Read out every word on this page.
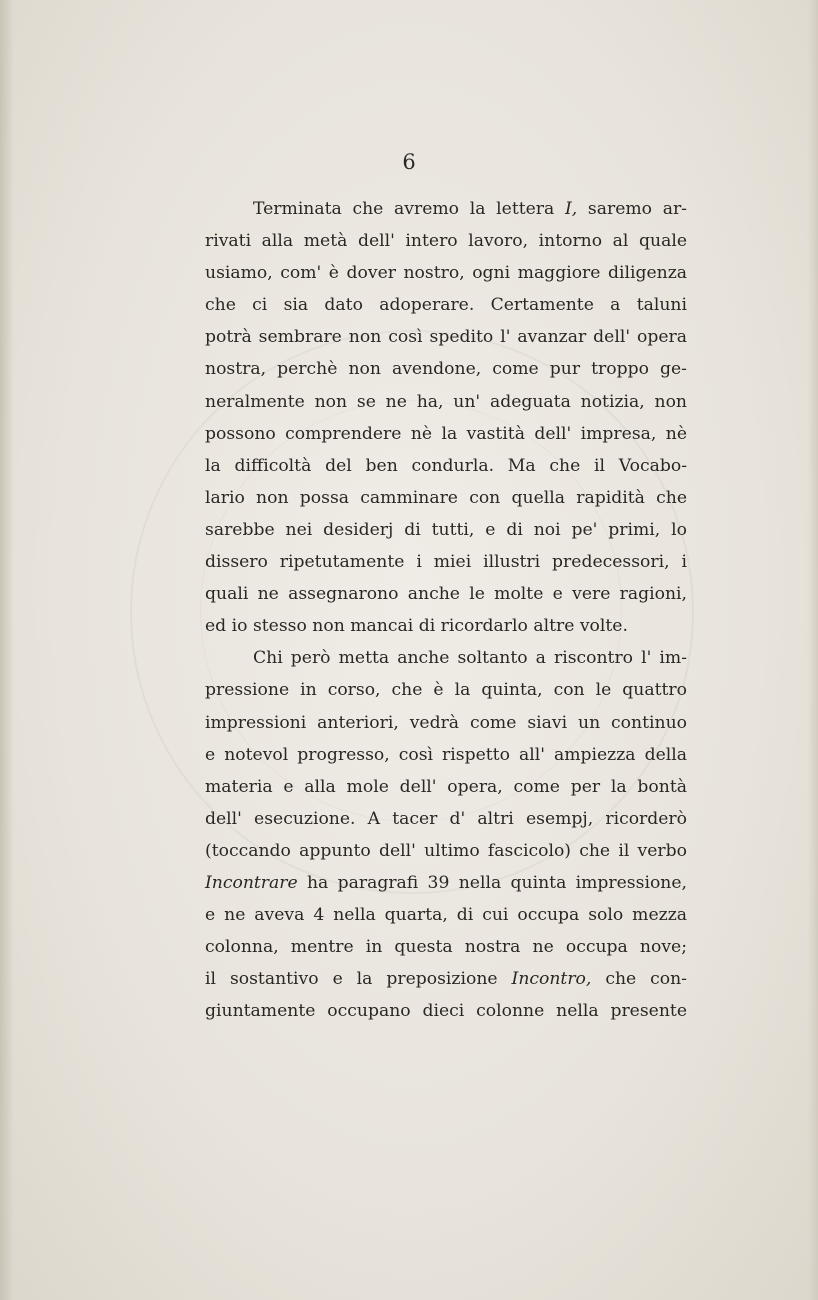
6
Terminata che avremo la lettera I, saremo ar-
rivati alla metà dell' intero lavoro, intorno al quale
usiamo, com' è dover nostro, ogni maggiore diligenza
che ci sia dato adoperare. Certamente a taluni
potrà sembrare non così spedito l' avanzar dell' opera
nostra, perchè non avendone, come pur troppo ge-
neralmente non se ne ha, un' adeguata notizia, non
possono comprendere nè la vastità dell' impresa, nè
la difficoltà del ben condurla. Ma che il Vocabo-
lario non possa camminare con quella rapidità che
sarebbe nei desiderj di tutti, e di noi pe' primi, lo
dissero ripetutamente i miei illustri predecessori, i
quali ne assegnarono anche le molte e vere ragioni,
ed io stesso non mancai di ricordarlo altre volte.
Chi però metta anche soltanto a riscontro l' im-
pressione in corso, che è la quinta, con le quattro
impressioni anteriori, vedrà come siavi un continuo
e notevol progresso, così rispetto all' ampiezza della
materia e alla mole dell' opera, come per la bontà
dell' esecuzione. A tacer d' altri esempj, ricorderò
(toccando appunto dell' ultimo fascicolo) che il verbo
Incontrare ha paragrafi 39 nella quinta impressione,
e ne aveva 4 nella quarta, di cui occupa solo mezza
colonna, mentre in questa nostra ne occupa nove;
il sostantivo e la preposizione Incontro, che con-
giuntamente occupano dieci colonne nella presente
